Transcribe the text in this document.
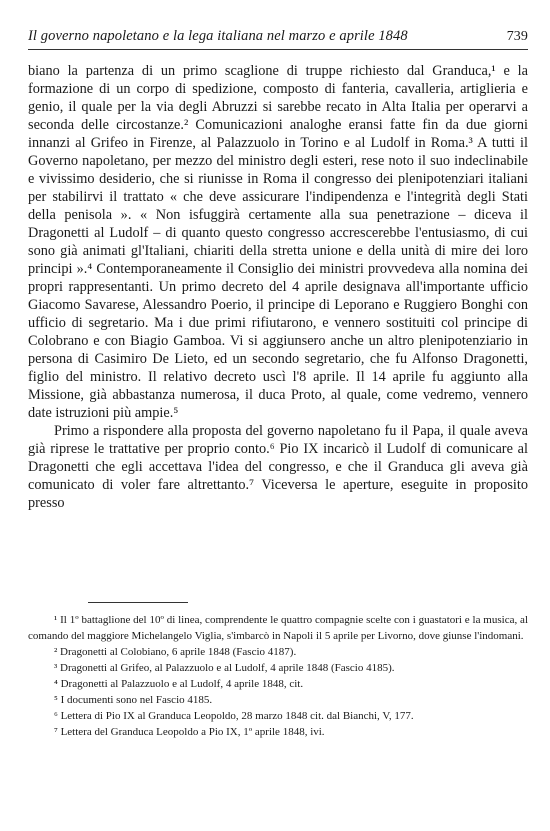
Il governo napoletano e la lega italiana nel marzo e aprile 1848	739

biano la partenza di un primo scaglione di truppe richiesto dal Granduca,¹ e la formazione di un corpo di spedizione, composto di fanteria, cavalleria, artiglieria e genio, il quale per la via degli Abruzzi si sarebbe recato in Alta Italia per operarvi a seconda delle circostanze.² Comunicazioni analoghe eransi fatte fin da due giorni innanzi al Grifeo in Firenze, al Palazzuolo in Torino e al Ludolf in Roma.³ A tutti il Governo napoletano, per mezzo del ministro degli esteri, rese noto il suo indeclinabile e vivissimo desiderio, che si riunisse in Roma il congresso dei plenipotenziari italiani per stabilirvi il trattato « che deve assicurare l'indipendenza e l'integrità degli Stati della penisola ». « Non isfuggirà certamente alla sua penetrazione – diceva il Dragonetti al Ludolf – di quanto questo congresso accrescerebbe l'entusiasmo, di cui sono già animati gl'Italiani, chiariti della stretta unione e della unità di mire dei loro principi ».⁴ Contemporaneamente il Consiglio dei ministri provvedeva alla nomina dei propri rappresentanti. Un primo decreto del 4 aprile designava all'importante ufficio Giacomo Savarese, Alessandro Poerio, il principe di Leporano e Ruggiero Bonghi con ufficio di segretario. Ma i due primi rifiutarono, e vennero sostituiti col principe di Colobrano e con Biagio Gamboa. Vi si aggiunsero anche un altro plenipotenziario in persona di Casimiro De Lieto, ed un secondo segretario, che fu Alfonso Dragonetti, figlio del ministro. Il relativo decreto uscì l'8 aprile. Il 14 aprile fu aggiunto alla Missione, già abbastanza numerosa, il duca Proto, al quale, come vedremo, vennero date istruzioni più ampie.⁵

Primo a rispondere alla proposta del governo napoletano fu il Papa, il quale aveva già riprese le trattative per proprio conto.⁶ Pio IX incaricò il Ludolf di comunicare al Dragonetti che egli accettava l'idea del congresso, e che il Granduca gli aveva già comunicato di voler fare altrettanto.⁷ Viceversa le aperture, eseguite in proposito presso

¹ Il 1º battaglione del 10º di linea, comprendente le quattro compagnie scelte con i guastatori e la musica, al comando del maggiore Michelangelo Viglia, s'imbarcò in Napoli il 5 aprile per Livorno, dove giunse l'indomani.

² Dragonetti al Colobiano, 6 aprile 1848 (Fascio 4187).

³ Dragonetti al Grifeo, al Palazzuolo e al Ludolf, 4 aprile 1848 (Fascio 4185).

⁴ Dragonetti al Palazzuolo e al Ludolf, 4 aprile 1848, cit.

⁵ I documenti sono nel Fascio 4185.

⁶ Lettera di Pio IX al Granduca Leopoldo, 28 marzo 1848 cit. dal Bianchi, V, 177.

⁷ Lettera del Granduca Leopoldo a Pio IX, 1º aprile 1848, ivi.
